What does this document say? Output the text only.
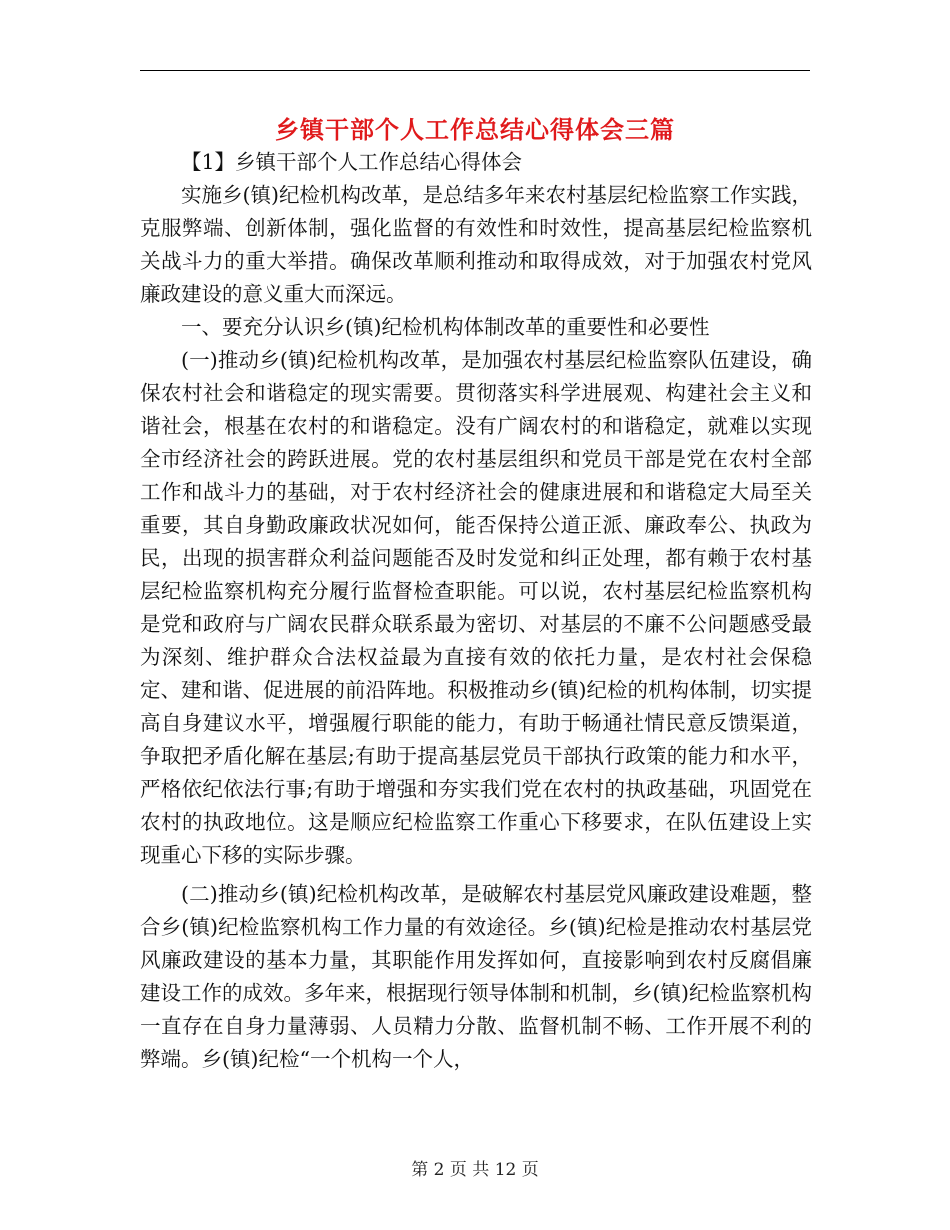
乡镇干部个人工作总结心得体会三篇

【1】乡镇干部个人工作总结心得体会

实施乡(镇)纪检机构改革，是总结多年来农村基层纪检监察工作实践，克服弊端、创新体制，强化监督的有效性和时效性，提高基层纪检监察机关战斗力的重大举措。确保改革顺利推动和取得成效，对于加强农村党风廉政建设的意义重大而深远。

一、要充分认识乡(镇)纪检机构体制改革的重要性和必要性

(一)推动乡(镇)纪检机构改革，是加强农村基层纪检监察队伍建设，确保农村社会和谐稳定的现实需要。贯彻落实科学进展观、构建社会主义和谐社会，根基在农村的和谐稳定。没有广阔农村的和谐稳定，就难以实现全市经济社会的跨跃进展。党的农村基层组织和党员干部是党在农村全部工作和战斗力的基础，对于农村经济社会的健康进展和和谐稳定大局至关重要，其自身勤政廉政状况如何，能否保持公道正派、廉政奉公、执政为民，出现的损害群众利益问题能否及时发觉和纠正处理，都有赖于农村基层纪检监察机构充分履行监督检查职能。可以说，农村基层纪检监察机构是党和政府与广阔农民群众联系最为密切、对基层的不廉不公问题感受最为深刻、维护群众合法权益最为直接有效的依托力量，是农村社会保稳定、建和谐、促进展的前沿阵地。积极推动乡(镇)纪检的机构体制，切实提高自身建议水平，增强履行职能的能力，有助于畅通社情民意反馈渠道，争取把矛盾化解在基层;有助于提高基层党员干部执行政策的能力和水平，严格依纪依法行事;有助于增强和夯实我们党在农村的执政基础，巩固党在农村的执政地位。这是顺应纪检监察工作重心下移要求，在队伍建设上实现重心下移的实际步骤。

(二)推动乡(镇)纪检机构改革，是破解农村基层党风廉政建设难题，整合乡(镇)纪检监察机构工作力量的有效途径。乡(镇)纪检是推动农村基层党风廉政建设的基本力量，其职能作用发挥如何，直接影响到农村反腐倡廉建设工作的成效。多年来，根据现行领导体制和机制，乡(镇)纪检监察机构一直存在自身力量薄弱、人员精力分散、监督机制不畅、工作开展不利的弊端。乡(镇)纪检“一个机构一个人，

第 2 页 共 12 页
